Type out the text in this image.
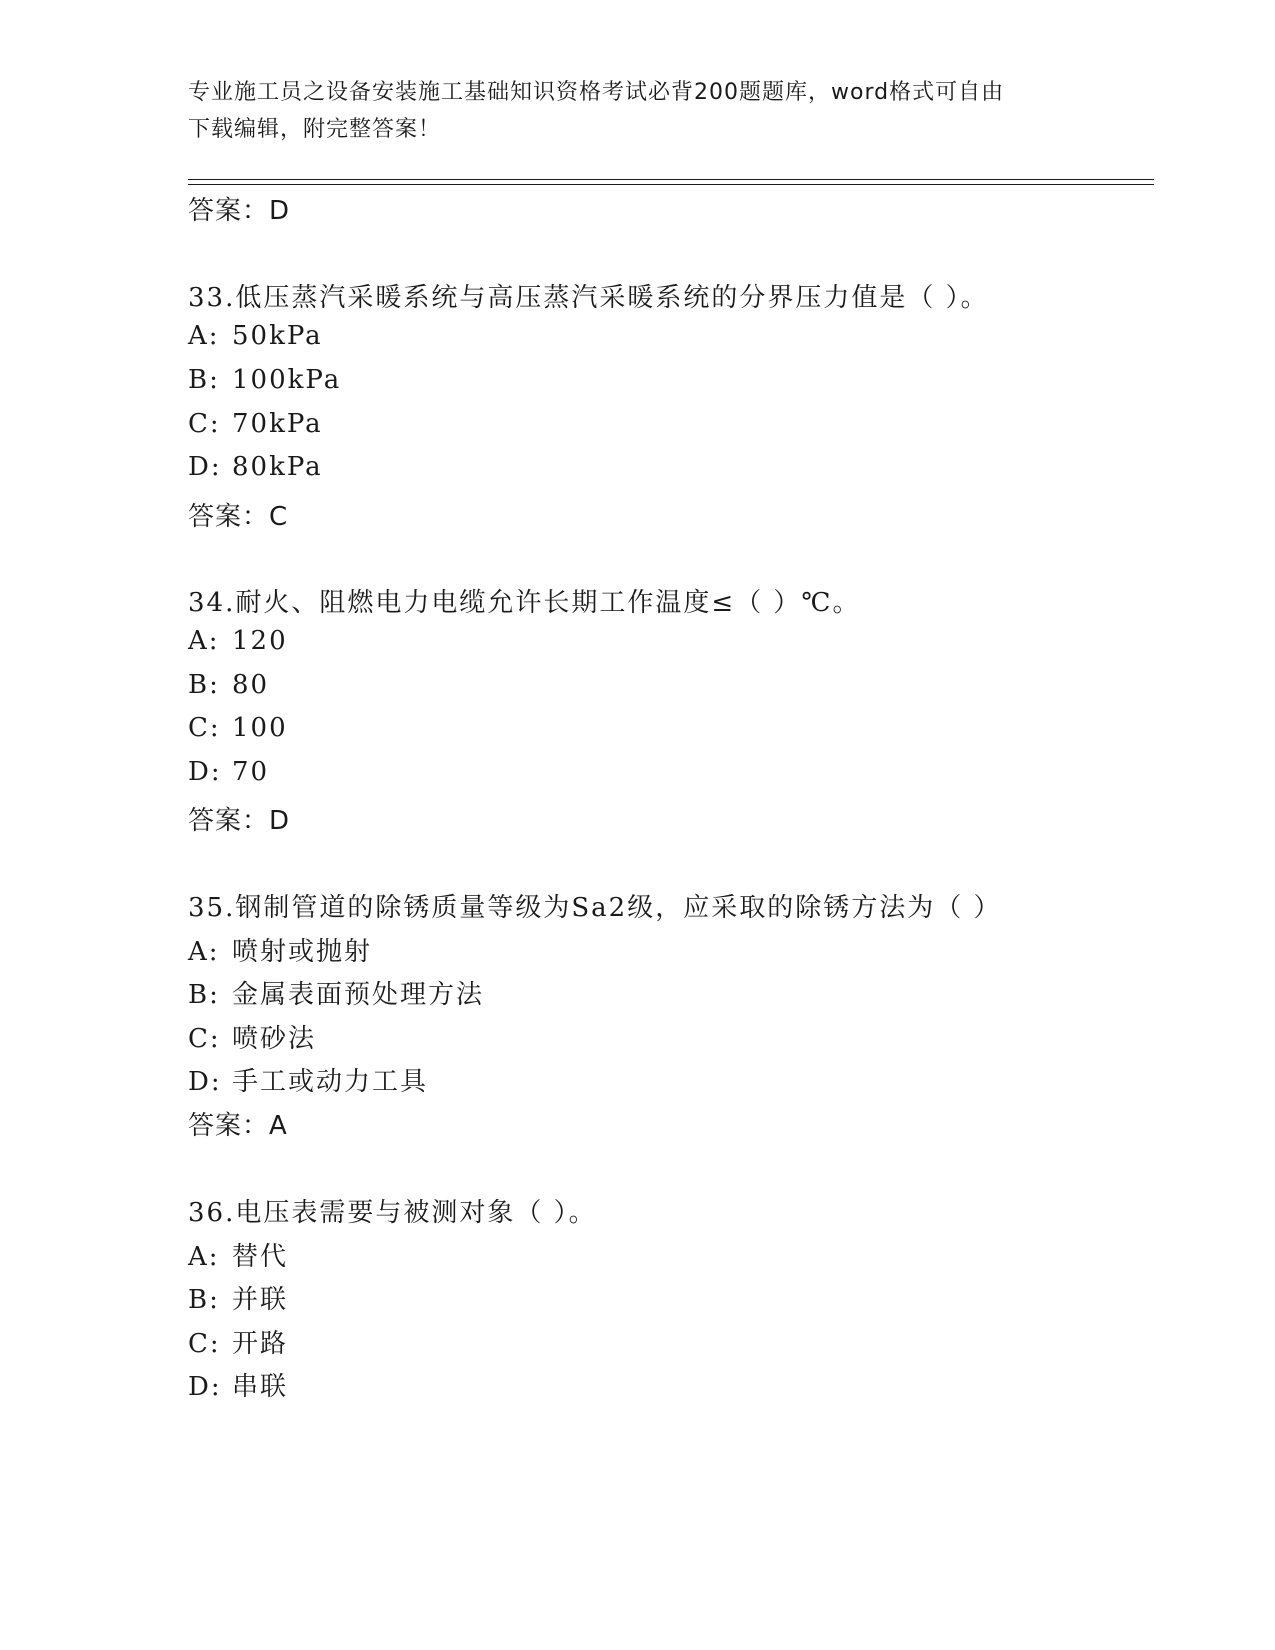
专业施工员之设备安装施工基础知识资格考试必背200题题库，word格式可自由
下载编辑，附完整答案！
答案：D
33.低压蒸汽采暖系统与高压蒸汽采暖系统的分界压力值是（ ）。
A: 50kPa
B: 100kPa
C: 70kPa
D: 80kPa
答案：C
34.耐火、阻燃电力电缆允许长期工作温度≤（ ）℃。
A: 120
B: 80
C: 100
D: 70
答案：D
35.钢制管道的除锈质量等级为Sa2级，应采取的除锈方法为（ ）
A: 喷射或抛射
B: 金属表面预处理方法
C: 喷砂法
D: 手工或动力工具
答案：A
36.电压表需要与被测对象（ ）。
A: 替代
B: 并联
C: 开路
D: 串联
